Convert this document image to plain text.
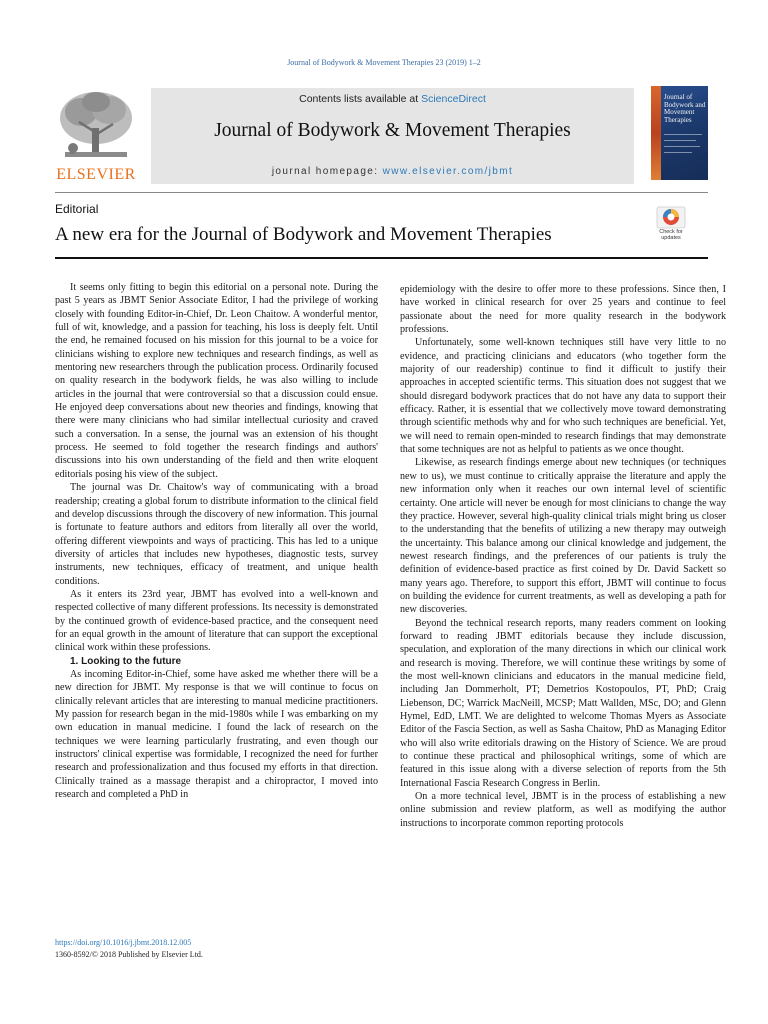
Journal of Bodywork & Movement Therapies 23 (2019) 1–2
ELSEVIER
Contents lists available at ScienceDirect
Journal of Bodywork & Movement Therapies
journal homepage: www.elsevier.com/jbmt
Journal of Bodywork and Movement Therapies
Editorial
A new era for the Journal of Bodywork and Movement Therapies	Check for updates

It seems only fitting to begin this editorial on a personal note. During the past 5 years as JBMT Senior Associate Editor, I had the privilege of working closely with founding Editor-in-Chief, Dr. Leon Chaitow. A wonderful mentor, full of wit, knowledge, and a passion for teaching, his loss is deeply felt. Until the end, he remained focused on his mission for this journal to be a voice for clinicians wishing to explore new techniques and research findings, as well as mentoring new researchers through the publication process. Ordinarily focused on quality research in the bodywork fields, he was also willing to include articles in the journal that were controversial so that a discussion could ensue. He enjoyed deep conversations about new theories and findings, knowing that there were many clinicians who had similar intellectual curiosity and craved such a conversation. In a sense, the journal was an extension of his thought process. He seemed to fold together the research findings and authors' discussions into his own understanding of the field and then write eloquent editorials posing his view of the subject.

The journal was Dr. Chaitow's way of communicating with a broad readership; creating a global forum to distribute information to the clinical field and develop discussions through the discovery of new information. This journal is fortunate to feature authors and editors from literally all over the world, offering different viewpoints and ways of practicing. This has led to a unique diversity of articles that includes new hypotheses, diagnostic tests, survey instruments, new techniques, efficacy of treatment, and unique health conditions.

As it enters its 23rd year, JBMT has evolved into a well-known and respected collective of many different professions. Its necessity is demonstrated by the continued growth of evidence-based practice, and the consequent need for an equal growth in the amount of literature that can support the exceptional clinical work within these professions.

1. Looking to the future

As incoming Editor-in-Chief, some have asked me whether there will be a new direction for JBMT. My response is that we will continue to focus on clinically relevant articles that are interesting to manual medicine practitioners. My passion for research began in the mid-1980s while I was embarking on my own education in manual medicine. I found the lack of research on the techniques we were learning particularly frustrating, and even though our instructors' clinical expertise was formidable, I recognized the need for further research and professionalization and thus focused my efforts in that direction. Clinically trained as a massage therapist and a chiropractor, I moved into research and completed a PhD in

epidemiology with the desire to offer more to these professions. Since then, I have worked in clinical research for over 25 years and continue to feel passionate about the need for more quality research in the bodywork professions.

Unfortunately, some well-known techniques still have very little to no evidence, and practicing clinicians and educators (who together form the majority of our readership) continue to find it difficult to justify their approaches in accepted scientific terms. This situation does not suggest that we should disregard bodywork practices that do not have any data to support their efficacy. Rather, it is essential that we collectively move toward demonstrating through scientific methods why and for who such techniques are beneficial. Yet, we will need to remain open-minded to research findings that may demonstrate that some techniques are not as helpful to patients as we once thought.

Likewise, as research findings emerge about new techniques (or techniques new to us), we must continue to critically appraise the literature and apply the new information only when it reaches our own internal level of scientific certainty. One article will never be enough for most clinicians to change the way they practice. However, several high-quality clinical trials might bring us closer to the understanding that the benefits of utilizing a new therapy may outweigh the uncertainty. This balance among our clinical knowledge and judgement, the newest research findings, and the preferences of our patients is truly the definition of evidence-based practice as first coined by Dr. David Sackett so many years ago. Therefore, to support this effort, JBMT will continue to focus on building the evidence for current treatments, as well as developing a path for new discoveries.

Beyond the technical research reports, many readers comment on looking forward to reading JBMT editorials because they include discussion, speculation, and exploration of the many directions in which our clinical work and research is moving. Therefore, we will continue these writings by some of the most well-known clinicians and educators in the manual medicine field, including Jan Dommerholt, PT; Demetrios Kostopoulos, PT, PhD; Craig Liebenson, DC; Warrick MacNeill, MCSP; Matt Wallden, MSc, DO; and Glenn Hymel, EdD, LMT. We are delighted to welcome Thomas Myers as Associate Editor of the Fascia Section, as well as Sasha Chaitow, PhD as Managing Editor who will also write editorials drawing on the History of Science. We are proud to continue these practical and philosophical writings, some of which are featured in this issue along with a diverse selection of reports from the 5th International Fascia Research Congress in Berlin.

On a more technical level, JBMT is in the process of establishing a new online submission and review platform, as well as modifying the author instructions to incorporate common reporting protocols

https://doi.org/10.1016/j.jbmt.2018.12.005
1360-8592/© 2018 Published by Elsevier Ltd.
